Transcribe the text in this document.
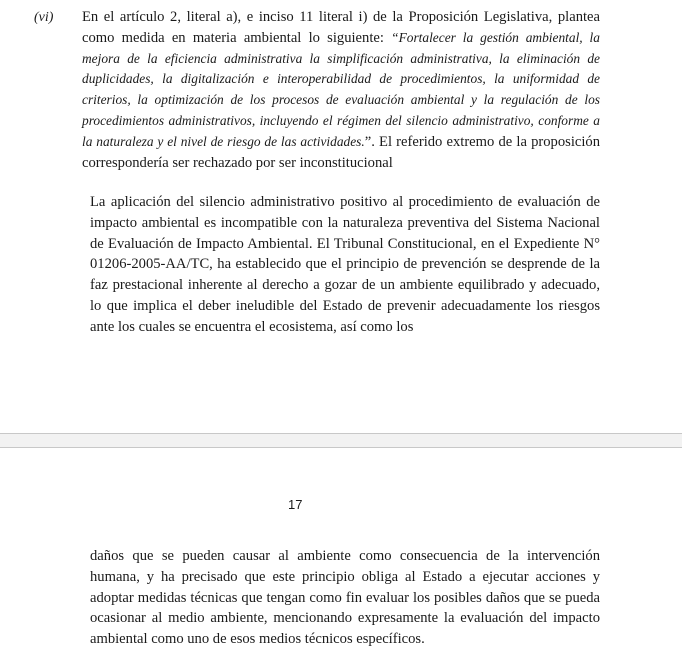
(vi) En el artículo 2, literal a), e inciso 11 literal i) de la Proposición Legislativa, plantea como medida en materia ambiental lo siguiente: “Fortalecer la gestión ambiental, la mejora de la eficiencia administrativa la simplificación administrativa, la eliminación de duplicidades, la digitalización e interoperabilidad de procedimientos, la uniformidad de criterios, la optimización de los procesos de evaluación ambiental y la regulación de los procedimientos administrativos, incluyendo el régimen del silencio administrativo, conforme a la naturaleza y el nivel de riesgo de las actividades.”. El referido extremo de la proposición correspondería ser rechazado por ser inconstitucional
La aplicación del silencio administrativo positivo al procedimiento de evaluación de impacto ambiental es incompatible con la naturaleza preventiva del Sistema Nacional de Evaluación de Impacto Ambiental. El Tribunal Constitucional, en el Expediente N° 01206-2005-AA/TC, ha establecido que el principio de prevención se desprende de la faz prestacional inherente al derecho a gozar de un ambiente equilibrado y adecuado, lo que implica el deber ineludible del Estado de prevenir adecuadamente los riesgos ante los cuales se encuentra el ecosistema, así como los
17
daños que se pueden causar al ambiente como consecuencia de la intervención humana, y ha precisado que este principio obliga al Estado a ejecutar acciones y adoptar medidas técnicas que tengan como fin evaluar los posibles daños que se pueda ocasionar al medio ambiente, mencionando expresamente la evaluación del impacto ambiental como uno de esos medios técnicos específicos.
